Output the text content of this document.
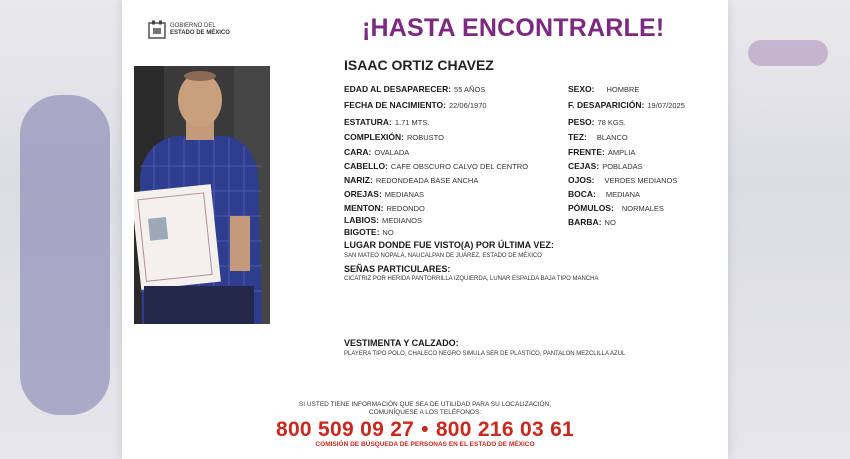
GOBIERNO DEL
ESTADO DE MÉXICO	¡HASTA ENCONTRARLE!
ISAAC ORTIZ CHAVEZ
EDAD AL DESAPARECER: 55 AÑOS
FECHA DE NACIMIENTO: 22/06/1970
ESTATURA: 1.71 MTS.
COMPLEXIÓN: ROBUSTO
CARA: OVALADA
CABELLO: CAFE OBSCURO CALVO DEL CENTRO
NARIZ: REDONDEADA BASE ANCHA
OREJAS: MEDIANAS
MENTON: REDONDO
LABIOS: MEDIANOS
BIGOTE: NO
SEXO: HOMBRE
F. DESAPARICIÓN: 19/07/2025
PESO: 78 KGS.
TEZ: BLANCO
FRENTE: AMPLIA
CEJAS: POBLADAS
OJOS: VERDES MEDIANOS
BOCA: MEDIANA
PÓMULOS: NORMALES
BARBA: NO
LUGAR DONDE FUE VISTO(A) POR ÚLTIMA VEZ:
SAN MATEO NOPALA, NAUCALPAN DE JUÁREZ, ESTADO DE MÉXICO
SEÑAS PARTICULARES:
CICATRIZ POR HERIDA PANTORRILLA IZQUIERDA, LUNAR ESPALDA BAJA TIPO MANCHA
VESTIMENTA Y CALZADO:
PLAYERA TIPO POLO, CHALECO NEGRO SIMULA SER DE PLASTICO, PANTALON MEZCLILLA AZUL
SI USTED TIENE INFORMACIÓN QUE SEA DE UTILIDAD PARA SU LOCALIZACIÓN,
COMUNÍQUESE A LOS TELÉFONOS:
800 509 09 27 • 800 216 03 61
COMISIÓN DE BÚSQUEDA DE PERSONAS EN EL ESTADO DE MÉXICO
